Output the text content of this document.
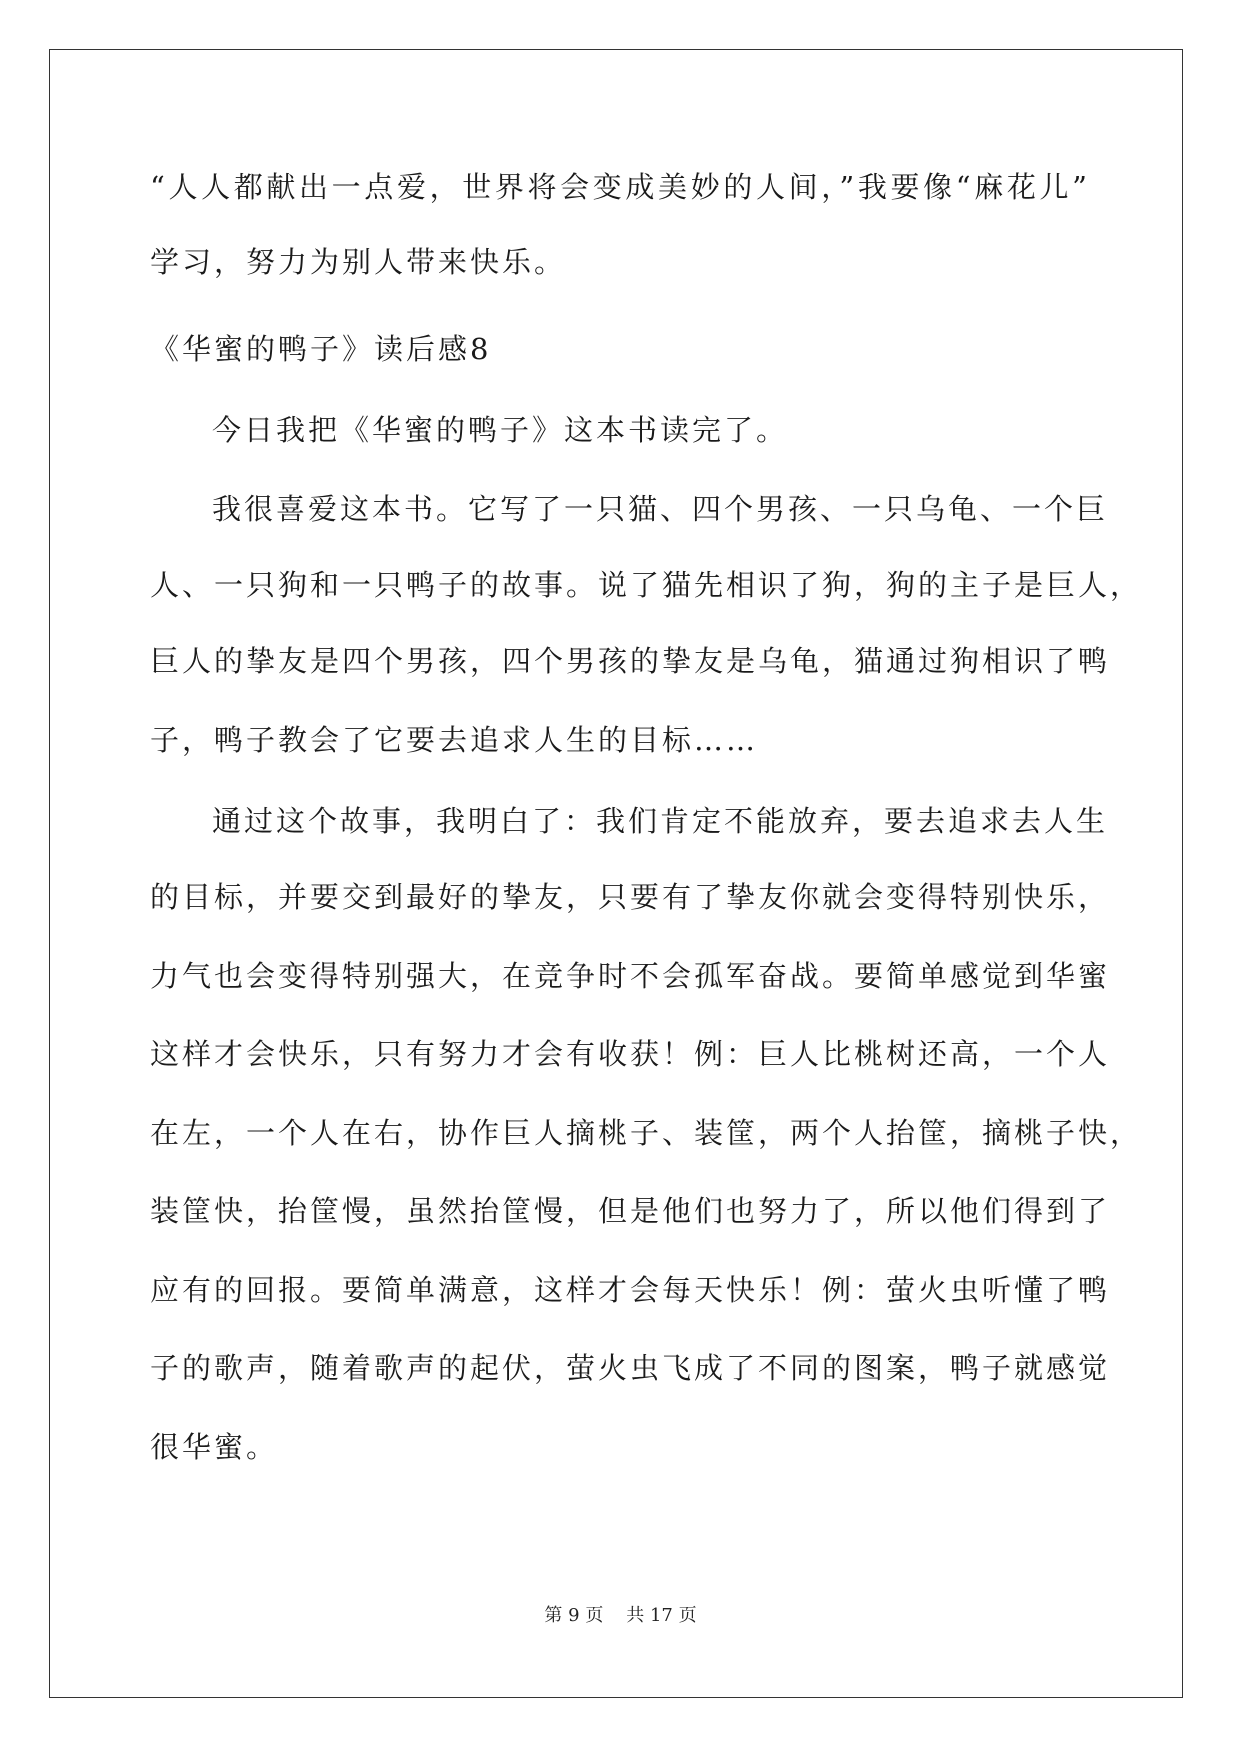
“人人都献出一点爱，世界将会变成美妙的人间，”我要像“麻花儿”
学习，努力为别人带来快乐。
《华蜜的鸭子》读后感8
今日我把《华蜜的鸭子》这本书读完了。
我很喜爱这本书。它写了一只猫、四个男孩、一只乌龟、一个巨
人、一只狗和一只鸭子的故事。说了猫先相识了狗，狗的主子是巨人，
巨人的挚友是四个男孩，四个男孩的挚友是乌龟，猫通过狗相识了鸭
子，鸭子教会了它要去追求人生的目标……
通过这个故事，我明白了：我们肯定不能放弃，要去追求去人生
的目标，并要交到最好的挚友，只要有了挚友你就会变得特别快乐，
力气也会变得特别强大，在竞争时不会孤军奋战。要简单感觉到华蜜
这样才会快乐，只有努力才会有收获！例：巨人比桃树还高，一个人
在左，一个人在右，协作巨人摘桃子、装筐，两个人抬筐，摘桃子快，
装筐快，抬筐慢，虽然抬筐慢，但是他们也努力了，所以他们得到了
应有的回报。要简单满意，这样才会每天快乐！例：萤火虫听懂了鸭
子的歌声，随着歌声的起伏，萤火虫飞成了不同的图案，鸭子就感觉
很华蜜。
第 9 页 共 17 页
